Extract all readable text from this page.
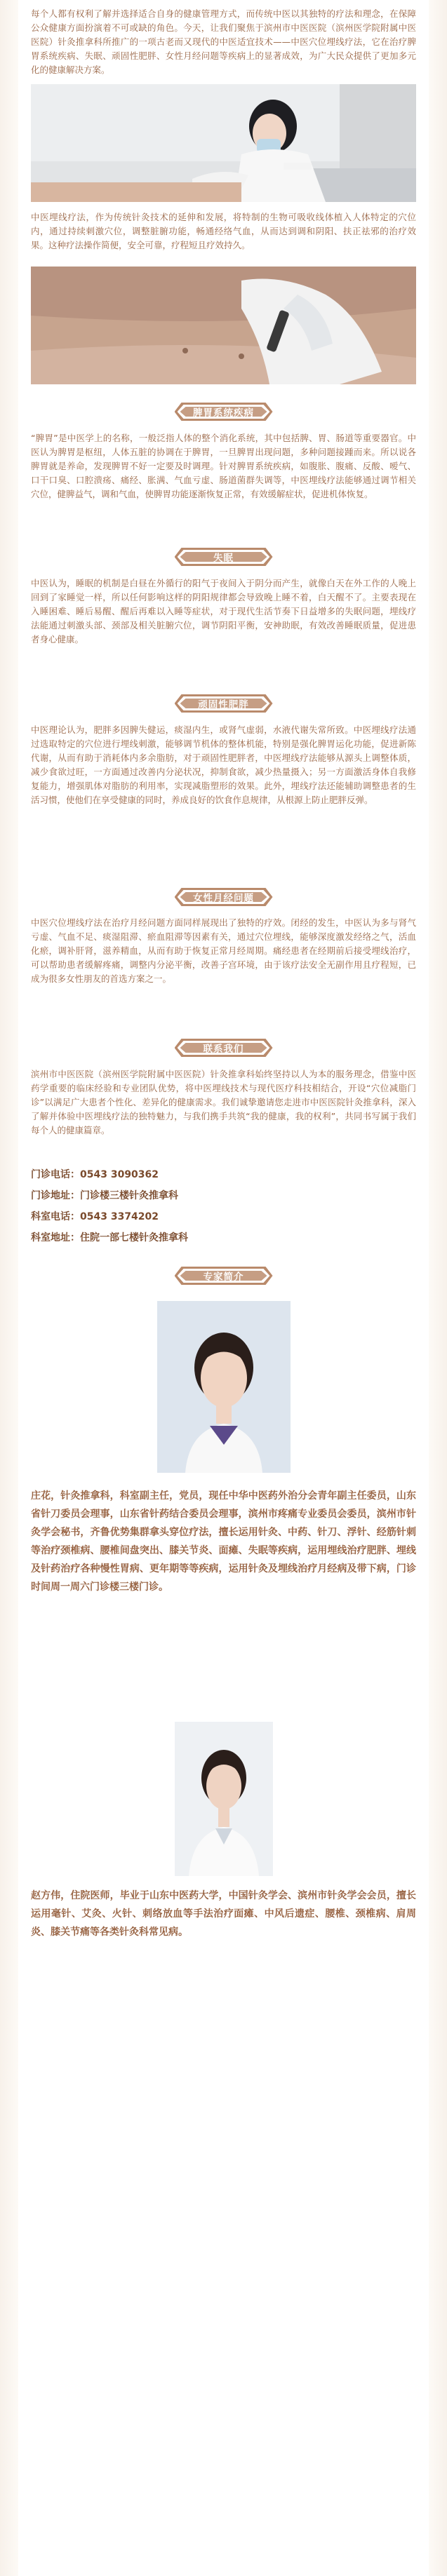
每个人都有权利了解并选择适合自身的健康管理方式，而传统中医以其独特的疗法和理念，在保障公众健康方面扮演着不可或缺的角色。今天，让我们聚焦于滨州市中医医院（滨州医学院附属中医医院）针灸推拿科所推广的一项古老而又现代的中医适宜技术——中医穴位埋线疗法，它在治疗脾胃系统疾病、失眠、顽固性肥胖、女性月经问题等疾病上的显著成效，为广大民众提供了更加多元化的健康解决方案。

中医埋线疗法，作为传统针灸技术的延伸和发展，将特制的生物可吸收线体植入人体特定的穴位内，通过持续刺激穴位，调整脏腑功能，畅通经络气血，从而达到调和阴阳、扶正祛邪的治疗效果。这种疗法操作简便，安全可靠，疗程短且疗效持久。

脾胃系统疾病

“脾胃”是中医学上的名称，一般泛指人体的整个消化系统，其中包括脾、胃、肠道等重要器官。中医认为脾胃是枢纽，人体五脏的协调在于脾胃，一旦脾胃出现问题，多种问题接踵而来。所以说各脾胃就是养命，发现脾胃不好一定要及时调理。针对脾胃系统疾病，如腹胀、腹痛、反酸、嗳气、口干口臭、口腔溃疡、痛经、胀满、气血亏虚、肠道菌群失调等，中医埋线疗法能够通过调节相关穴位，健脾益气，调和气血，使脾胃功能逐渐恢复正常，有效缓解症状，促进机体恢复。

失眠

中医认为，睡眠的机制是白昼在外循行的阳气于夜间入于阴分而产生，就像白天在外工作的人晚上回到了家睡觉一样，所以任何影响这样的阴阳规律都会导致晚上睡不着，白天醒不了。主要表现在入睡困难、睡后易醒、醒后再难以入睡等症状，对于现代生活节奏下日益增多的失眠问题，埋线疗法能通过刺激头部、颈部及相关脏腑穴位，调节阴阳平衡，安神助眠，有效改善睡眠质量，促进患者身心健康。

顽固性肥胖

中医理论认为，肥胖多因脾失健运，痰湿内生，或肾气虚弱，水液代谢失常所致。中医埋线疗法通过选取特定的穴位进行埋线刺激，能够调节机体的整体机能，特别是强化脾胃运化功能，促进新陈代谢，从而有助于消耗体内多余脂肪，对于顽固性肥胖者，中医埋线疗法能够从源头上调整体质，减少食欲过旺，一方面通过改善内分泌状况，抑制食欲，减少热量摄入；另一方面激活身体自我修复能力，增强肌体对脂肪的利用率，实现减脂塑形的效果。此外，埋线疗法还能辅助调整患者的生活习惯，使他们在享受健康的同时，养成良好的饮食作息规律，从根源上防止肥胖反弹。

女性月经问题

中医穴位埋线疗法在治疗月经问题方面同样展现出了独特的疗效。闭经的发生，中医认为多与肾气亏虚、气血不足、痰湿阻滞、瘀血阻滞等因素有关，通过穴位埋线，能够深度激发经络之气，活血化瘀，调补肝肾，滋养精血，从而有助于恢复正常月经周期。痛经患者在经期前后接受埋线治疗，可以帮助患者缓解疼痛，调整内分泌平衡，改善子宫环境，由于该疗法安全无副作用且疗程短，已成为很多女性朋友的首选方案之一。

联系我们

滨州市中医医院（滨州医学院附属中医医院）针灸推拿科始终坚持以人为本的服务理念，借鉴中医药学重要的临床经验和专业团队优势，将中医埋线技术与现代医疗科技相结合，开设“穴位减脂门诊”以满足广大患者个性化、差异化的健康需求。我们诚挚邀请您走进市中医医院针灸推拿科，深入了解并体验中医埋线疗法的独特魅力，与我们携手共筑“我的健康，我的权利”，共同书写属于我们每个人的健康篇章。

门诊电话：0543 3090362
门诊地址：门诊楼三楼针灸推拿科
科室电话：0543 3374202
科室地址：住院一部七楼针灸推拿科
专家简介

庄花，针灸推拿科，科室副主任，党员，现任中华中医药外治分会青年副主任委员，山东省针刀委员会理事，山东省针药结合委员会理事，滨州市疼痛专业委员会委员，滨州市针灸学会秘书，齐鲁优势集群拿头穿位疗法，擅长运用针灸、中药、针刀、浮针、经筋针刺等治疗颈椎病、腰椎间盘突出、膝关节炎、面瘫、失眠等疾病，运用埋线治疗肥胖、埋线及针药治疗各种慢性胃病、更年期等等疾病，运用针灸及埋线治疗月经病及带下病，门诊时间周一周六门诊楼三楼门诊。

赵方伟，住院医师，毕业于山东中医药大学，中国针灸学会、滨州市针灸学会会员，擅长运用毫针、艾灸、火针、刺络放血等手法治疗面瘫、中风后遗症、腰椎、颈椎病、肩周炎、膝关节痛等各类针灸科常见病。
